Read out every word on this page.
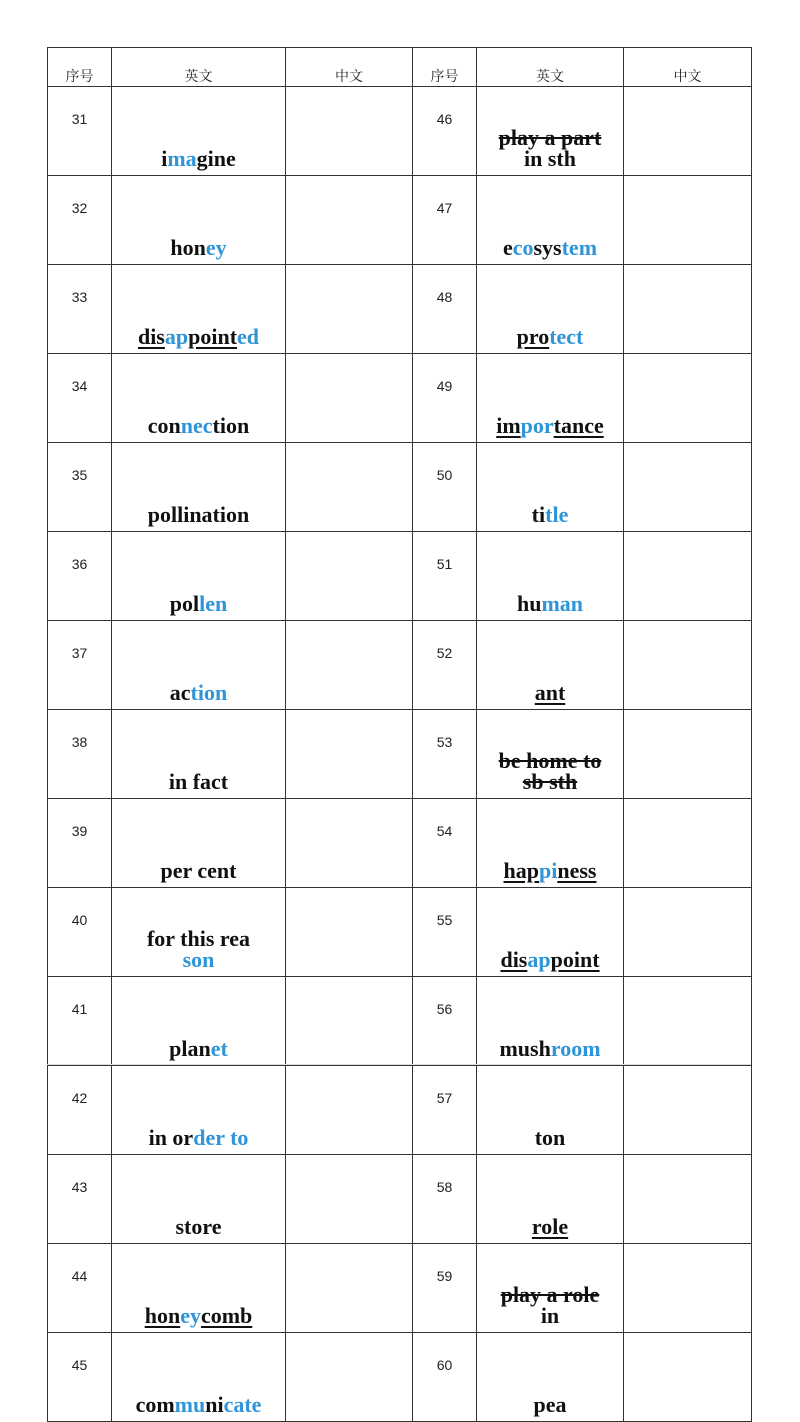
序号	英文	中文	序号	英文	中文
31	imagine		46	play a part
in sth	

32	honey		47	ecosystem	
33	disappointed		48	protect	
34	connection		49	importance	
35	pollination		50	title	
36	pollen		51	human	
37	action		52	ant	
38	in fact		53	be home to
sb sth	

39	per cent		54	happiness	
40	for this rea
son		55	disappoint	
41	planet		56	mushroom	
42	in order to		57	ton	
43	store		58	role	
44	honeycomb		59	play a role
in	

45	communicate		60	pea	
